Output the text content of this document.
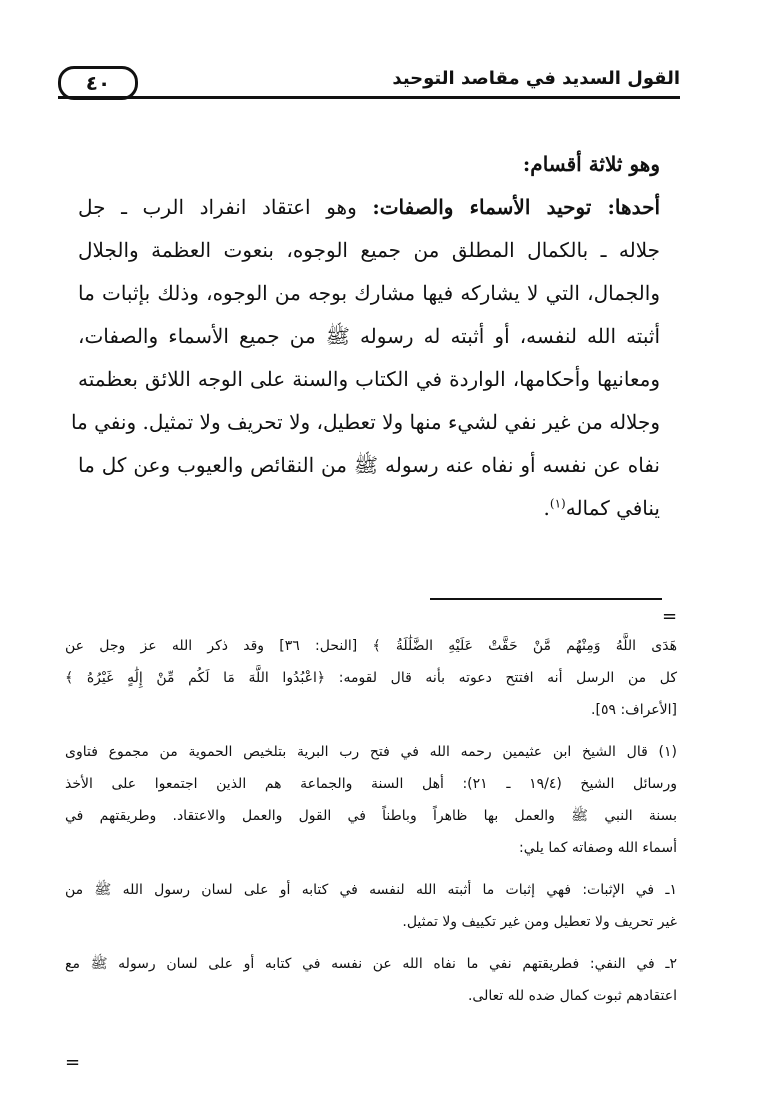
٤٠	القول السديد في مقاصد التوحيد
وهو ثلاثة أقسام:
أحدها: توحيد الأسماء والصفات: وهو اعتقاد انفراد الرب ـ جل
جلاله ـ بالكمال المطلق من جميع الوجوه، بنعوت العظمة والجلال
والجمال، التي لا يشاركه فيها مشارك بوجه من الوجوه، وذلك بإثبات ما
أثبته الله لنفسه، أو أثبته له رسوله ﷺ من جميع الأسماء والصفات،
ومعانيها وأحكامها، الواردة في الكتاب والسنة على الوجه اللائق بعظمته
وجلاله من غير نفي لشيء منها ولا تعطيل، ولا تحريف ولا تمثيل. ونفي ما
نفاه عن نفسه أو نفاه عنه رسوله ﷺ من النقائص والعيوب وعن كل ما
ينافي كماله$^{(١)}$.
=
هَدَى اللَّهُ وَمِنْهُم مَّنْ حَقَّتْ عَلَيْهِ الضَّلَٰلَةُ ﴾ [النحل: ٣٦] وقد ذكر الله عز وجل عن
كل من الرسل أنه افتتح دعوته بأنه قال لقومه: ﴿اعْبُدُوا اللَّهَ مَا لَكُم مِّنْ إِلَٰهٍ غَيْرُهُ ﴾
[الأعراف: ٥٩].
(١) قال الشيخ ابن عثيمين رحمه الله في فتح رب البرية بتلخيص الحموية من مجموع فتاوى
ورسائل الشيخ (١٩/٤ ـ ٢١): أهل السنة والجماعة هم الذين اجتمعوا على الأخذ
بسنة النبي ﷺ والعمل بها ظاهراً وباطناً في القول والعمل والاعتقاد. وطريقتهم في
أسماء الله وصفاته كما يلي:
١ـ في الإثبات: فهي إثبات ما أثبته الله لنفسه في كتابه أو على لسان رسول الله ﷺ من
غير تحريف ولا تعطيل ومن غير تكييف ولا تمثيل.
٢ـ في النفي: فطريقتهم نفي ما نفاه الله عن نفسه في كتابه أو على لسان رسوله ﷺ مع
اعتقادهم ثبوت كمال ضده لله تعالى.
=
